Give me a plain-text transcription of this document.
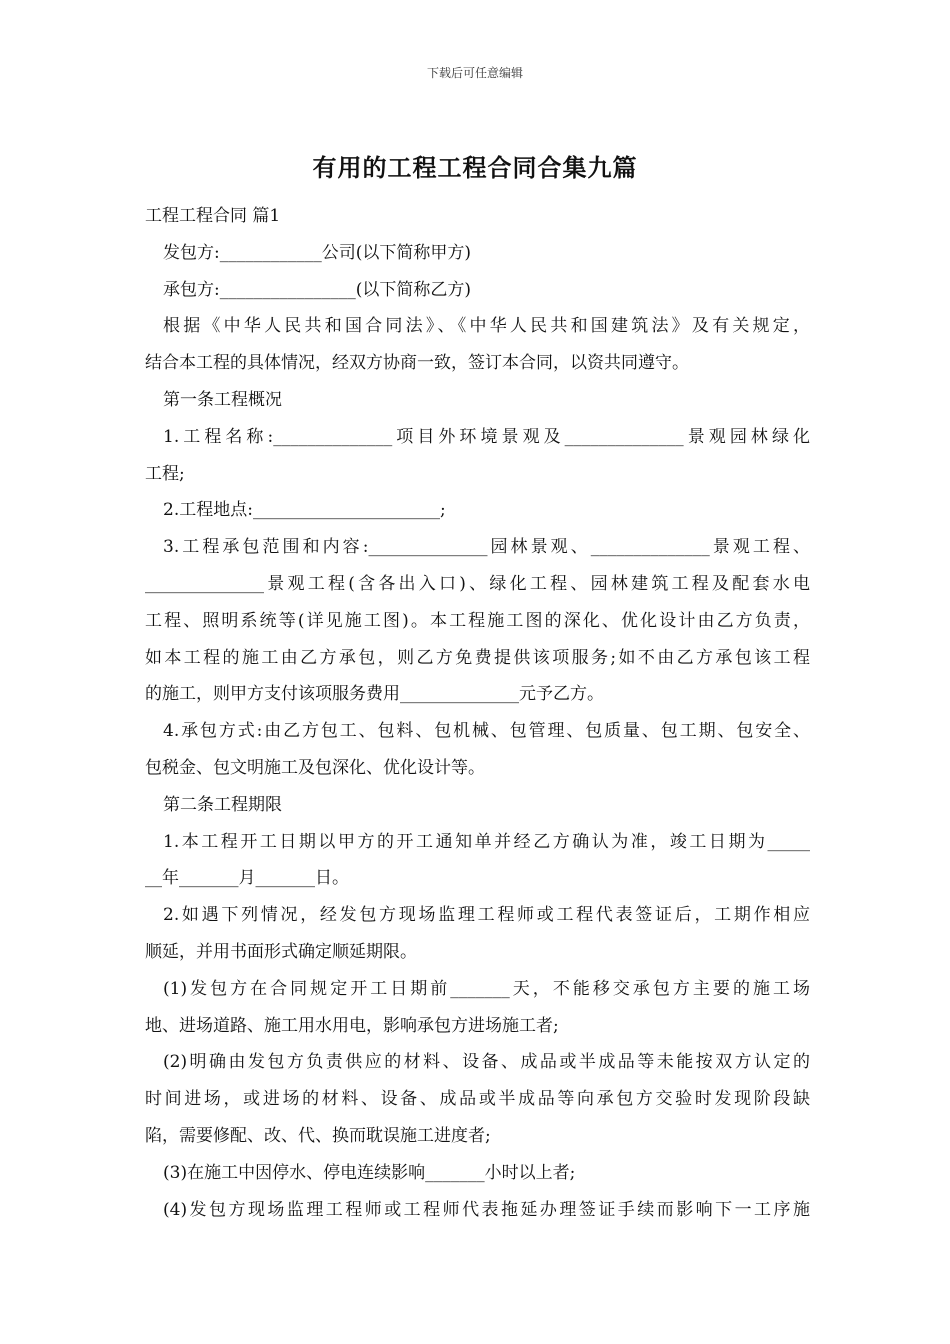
下载后可任意编辑
有用的工程工程合同合集九篇
工程工程合同 篇1
发包方:____________公司(以下简称甲方)
承包方:________________(以下简称乙方)
根据《中华人民共和国合同法》、《中华人民共和国建筑法》及有关规定，
结合本工程的具体情况，经双方协商一致，签订本合同，以资共同遵守。
第一条工程概况
1.工程名称:______________项目外环境景观及______________景观园林绿化
工程;
2.工程地点:______________________;
3.工程承包范围和内容:______________园林景观、______________景观工程、
______________景观工程(含各出入口)、绿化工程、园林建筑工程及配套水电
工程、照明系统等(详见施工图)。本工程施工图的深化、优化设计由乙方负责，
如本工程的施工由乙方承包，则乙方免费提供该项服务;如不由乙方承包该工程
的施工，则甲方支付该项服务费用______________元予乙方。
4.承包方式:由乙方包工、包料、包机械、包管理、包质量、包工期、包安全、
包税金、包文明施工及包深化、优化设计等。
第二条工程期限
1.本工程开工日期以甲方的开工通知单并经乙方确认为准，竣工日期为_____
__年_______月_______日。
2.如遇下列情况，经发包方现场监理工程师或工程代表签证后，工期作相应
顺延，并用书面形式确定顺延期限。
(1)发包方在合同规定开工日期前_______天，不能移交承包方主要的施工场
地、进场道路、施工用水用电，影响承包方进场施工者;
(2)明确由发包方负责供应的材料、设备、成品或半成品等未能按双方认定的
时间进场，或进场的材料、设备、成品或半成品等向承包方交验时发现阶段缺
陷，需要修配、改、代、换而耽误施工进度者;
(3)在施工中因停水、停电连续影响_______小时以上者;
(4)发包方现场监理工程师或工程师代表拖延办理签证手续而影响下一工序施
